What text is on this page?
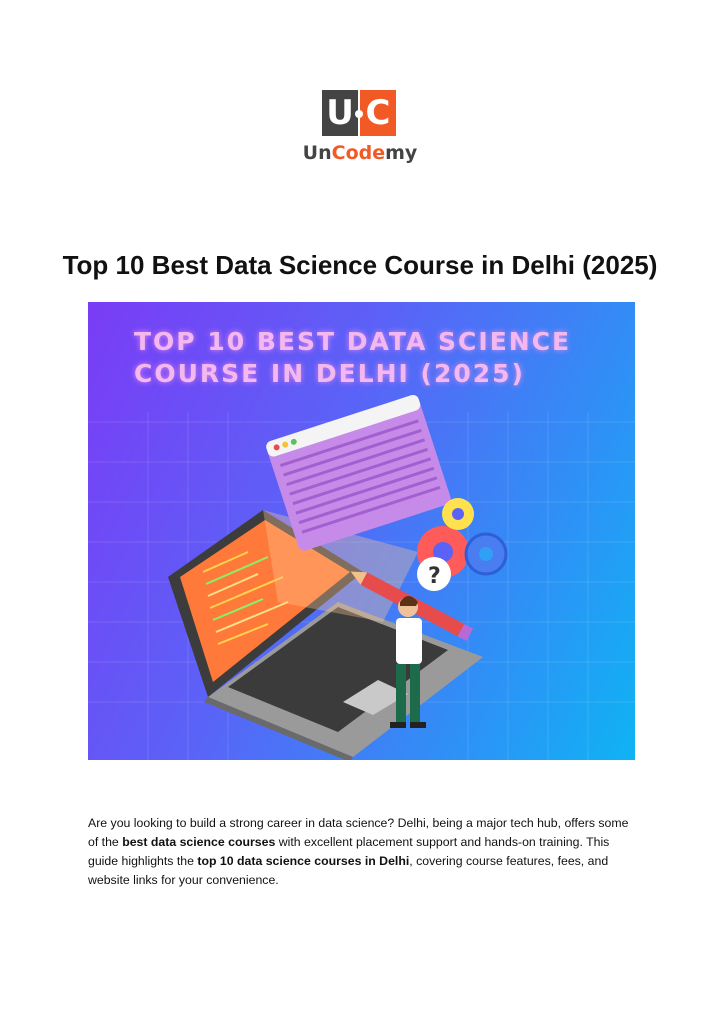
U C
UnCodemy
Top 10 Best Data Science Course in Delhi (2025)
?
TOP 10 BEST DATA SCIENCE
COURSE IN DELHI (2025)
Are you looking to build a strong career in data science? Delhi, being a major tech hub, offers some of the best data science courses with excellent placement support and hands-on training. This guide highlights the top 10 data science courses in Delhi, covering course features, fees, and website links for your convenience.
